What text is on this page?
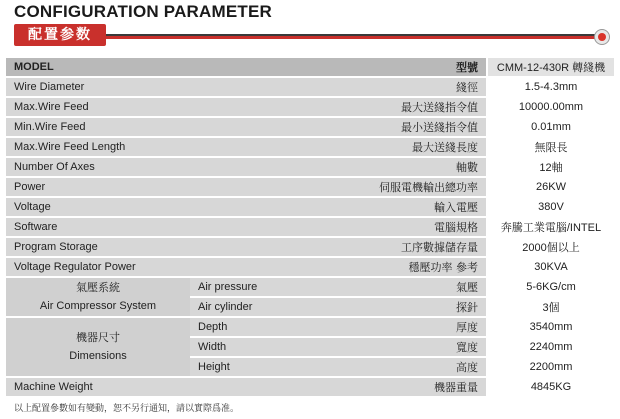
CONFIGURATION PARAMETER
配置参数
MODEL		型號	CMM-12-430R 轉綫機
Wire Diameter		綫徑	1.5-4.3mm
Max.Wire Feed		最大送綫指令值	10000.00mm
Min.Wire Feed		最小送綫指令值	0.01mm
Max.Wire Feed Length		最大送綫長度	無限長
Number Of Axes		軸數	12軸
Power		伺服電機輸出總功率	26KW
Voltage		輸入電壓	380V
Software		電腦規格	奔騰工業電腦/INTEL
Program Storage		工序數據儲存量	2000個以上
Voltage Regulator Power		穩壓功率 參考	30KVA

氣壓系統
Air Compressor System	Air pressure	氣壓	5-6KG/cm
	Air cylinder	探針	3個

機器尺寸
Dimensions	Depth	厚度	3540mm
	Width	寬度	2240mm
	Height	高度	2200mm
Machine Weight		機器重量	4845KG
以上配置參數如有變動，恕不另行通知，請以實際爲准。
